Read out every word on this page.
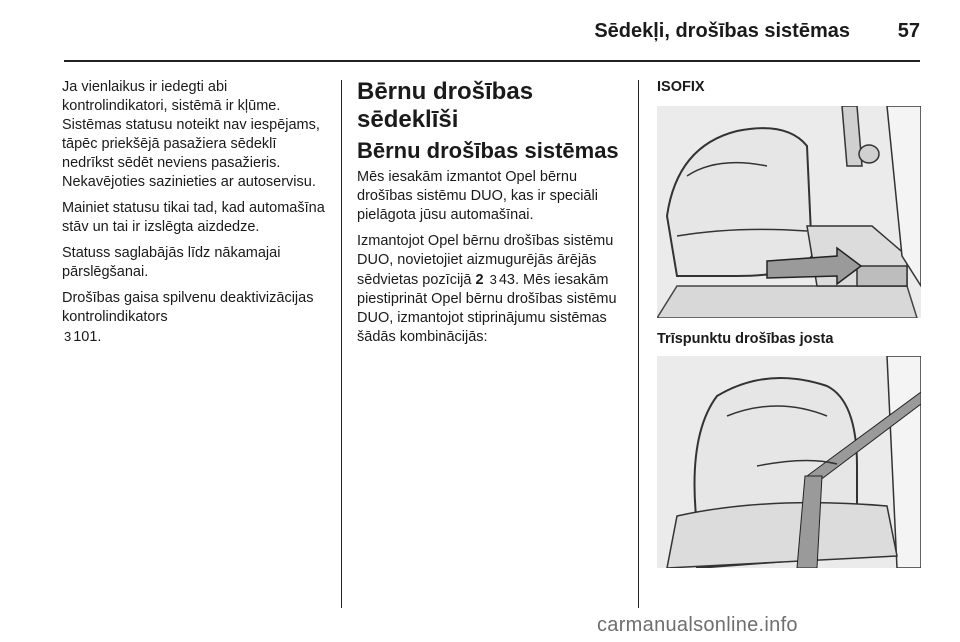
Sēdekļi, drošības sistēmas 57

Ja vienlaikus ir iedegti abi kontrolindikatori, sistēmā ir kļūme. Sistēmas statusu noteikt nav iespējams, tāpēc priekšējā pasažiera sēdeklī nedrīkst sēdēt neviens pasažieris. Nekavējoties sazinieties ar autoservisu.

Mainiet statusu tikai tad, kad automašīna stāv un tai ir izslēgta aizdedze.

Statuss saglabājās līdz nākamajai pārslēgšanai.

Drošības gaisa spilvenu deaktivizācijas kontrolindikators
3 101.

Bērnu drošības sēdeklīši
Bērnu drošības sistēmas

Mēs iesakām izmantot Opel bērnu drošības sistēmu DUO, kas ir speciāli pielāgota jūsu automašīnai.

Izmantojot Opel bērnu drošības sistēmu DUO, novietojiet aizmugurējās ārējās sēdvietas pozīcijā 2 3 43. Mēs iesakām piestiprināt Opel bērnu drošības sistēmu DUO, izmantojot stiprinājumu sistēmas šādās kombinācijās:

ISOFIX
Trīspunktu drošības josta
carmanualsonline.info
